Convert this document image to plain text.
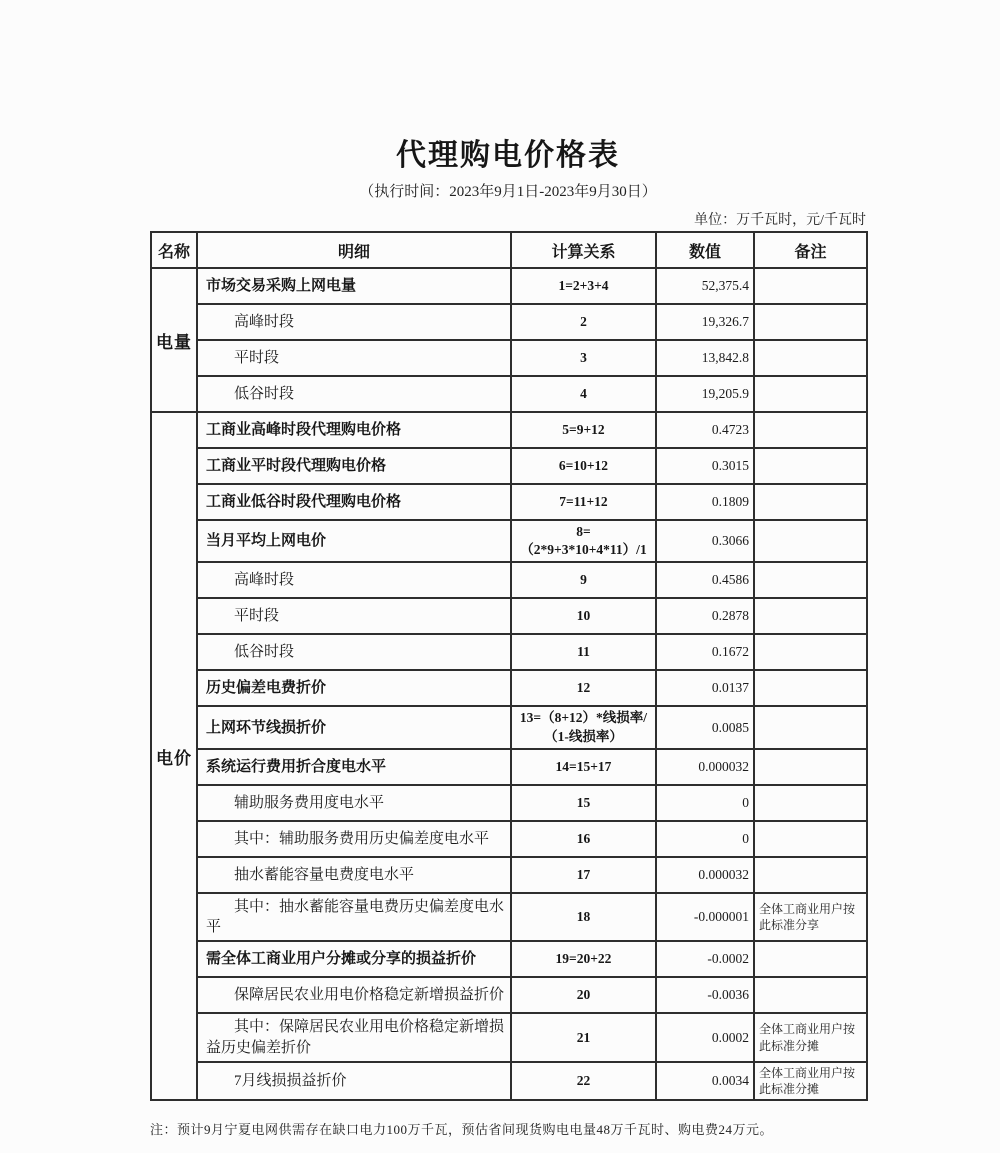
代理购电价格表
（执行时间：2023年9月1日-2023年9月30日）
单位：万千瓦时，元/千瓦时
名称	明细	计算关系	数值	备注
电量	市场交易采购上网电量	1=2+3+4	52,375.4	
	高峰时段	2	19,326.7	
	平时段	3	13,842.8	
	低谷时段	4	19,205.9	
电价	工商业高峰时段代理购电价格	5=9+12	0.4723	
	工商业平时段代理购电价格	6=10+12	0.3015	
	工商业低谷时段代理购电价格	7=11+12	0.1809	
	当月平均上网电价	8=（2*9+3*10+4*11）/1	0.3066	
	高峰时段	9	0.4586	
	平时段	10	0.2878	
	低谷时段	11	0.1672	
	历史偏差电费折价	12	0.0137	
	上网环节线损折价	13=（8+12）*线损率/（1-线损率）	0.0085	
	系统运行费用折合度电水平	14=15+17	0.000032	
	辅助服务费用度电水平	15	0	
	其中：辅助服务费用历史偏差度电水平	16	0	
	抽水蓄能容量电费度电水平	17	0.000032	
	其中：抽水蓄能容量电费历史偏差度电水平	18	-0.000001	全体工商业用户按此标准分享
	需全体工商业用户分摊或分享的损益折价	19=20+22	-0.0002	
	保障居民农业用电价格稳定新增损益折价	20	-0.0036	
	其中：保障居民农业用电价格稳定新增损益历史偏差折价	21	0.0002	全体工商业用户按此标准分摊
	7月线损损益折价	22	0.0034	全体工商业用户按此标准分摊
注：预计9月宁夏电网供需存在缺口电力100万千瓦，预估省间现货购电电量48万千瓦时、购电费24万元。
